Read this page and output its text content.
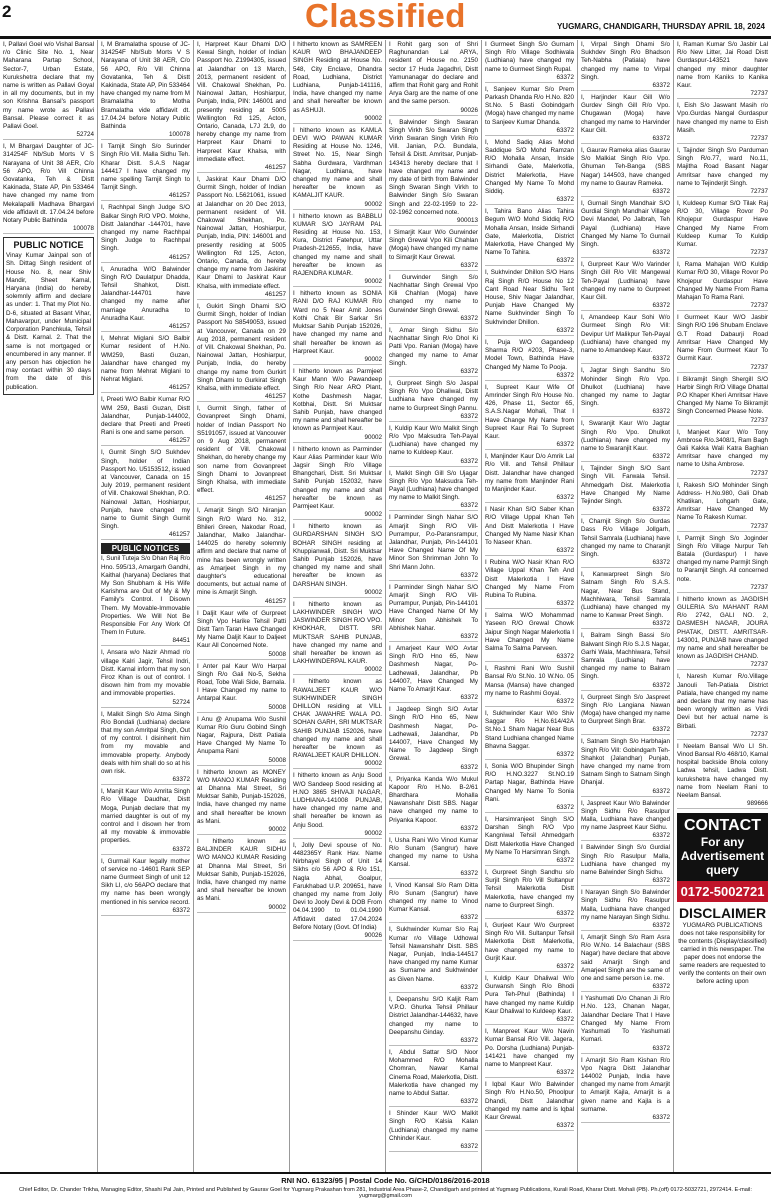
2	Classified	YUGMARG, CHANDIGARH, THURSDAY APRIL 18, 2024

I, Pallavi Goel w/o Vishal Bansal r/o Clinic Site No. 1, Near Maharana Partap School, Sector-7, Urban Estate, Kurukshetra declare that my name is written as Pallavi Goyal in all my documents, but in my son Krishna Bansal's passport my name wrote as Pallavi Bansal. Please correct it as Pallavi Goel.

52724

I, M Bhargavi Daughter of JC-314254F Nb/Sub Morts V S Narayana of Unit 38 AER, C/o 56 APO, R/o Vill Chinna Govatanka, Teh & Distt Kakinada, State AP, Pin 533464 have changed my name from Mekalapalli Madhava Bhargavi vide affidavit dt. 17.04.24 before Notary Public Bathinda

100078

PUBLIC NOTICE

Vinay Kumar Jainpal son of Sh. Dittag Singh resident of House No. 8, near Shiv Mandir, Sheet Kamal, Haryana (India) do hereby solemnly affirm and declare as under: 1. That my Plot No. D-6, situated at Basant Vihar, Mahavarpur, under Municipal Corporation Panchkula, Tehsil & Distt. Karnal. 2. That the same is not mortgaged or encumbered in any manner. If any person has objection he may contact within 30 days from the date of this publication.

I, M Bramalatha spouse of JC-314254F Nb/Sub Morts V S Narayana of Unit 38 AER, C/o 56 APO, R/o Vill Chinna Govatanka, Teh & Distt Kakinada, State AP, Pin 533464 have changed my name from M Bramalatha to Motha Bramalatha vide affidavit dt. 17.04.24 before Notary Public Bathinda

100078

I Tarnjit Singh S/o Surinder Singh R/o Vill. Malla Sidhu Teh. Kharar Distt. S.A.S Nagar 144417 I have changed my name spelling Tarnjit Singh to Tarnjit Singh.

461257

I, Rachhpal Singh Judge S/O Balkar Singh R/O VPO. Mokhe, Distt Jalandhar -144701, have changed my name Rachhpal Singh Judge to Rachhpal Singh.

461257

I, Anuradha W/O Balwinder Singh R/O Daulatpur Dhadda, Tehsil Shahkot, Distt. Jalandhar-144701 have changed my name after marriage Anuradha to Anuradha Kaur.

461257

I, Mehrat Miglani S/O Balbir Kumar resident of H.No. WM259, Basti Guzan, Jalandhar have changed my name from Mehrat Miglani to Nehrat Miglani.

461257

I, Preeti W/O Balbir Kumar R/O WM 259, Basti Guzan, Distt Jalandhar, Punjab-144002, declare that Preeti and Preeti Rani is one and same person.

461257

I, Gurnit Singh S/O Sukhdev Singh, holder of Indian Passport No. U5153512, issued at Vancouver, Canada on 15 July 2019, permanent resident of Vill. Chakowal Shekhan, P.O. Nainowal Jattan, Hoshiarpur, Punjab, have changed my name to Gurnit Singh Gurnit Singh.

461257

PUBLIC NOTICES

I, Sunil Tuteja S/o Dhan Raj R/o Hno. 595/13, Amargarh Gandhi, Kaithal (haryana) Declares that My Son Shubham & His Wife Karishma are Out of My & My Family's Control. I Disown Them. My Movable-Immovable Properties. We Will Not Be Responsible For Any Work Of Them In Future.

84451

I, Ansara w/o Nazir Ahmad r/o village Kalri Jagir, Tehsil Indri, Distt. Karnal inform that my son Firoz Khan is out of control. I disown him from my movable and immovable properties.

52724

I, Malkit Singh S/o Atma Singh R/o Bondali (Ludhiana) declare that my son Amritpal Singh, Out of my control. I disinherit him from my movable and immovable property. Anybody deals with him shall do so at his own risk.

63372

I, Manjit Kaur W/o Amrita Singh R/o Village Daudhar, Distt Moga, Punjab declare that my married daughter is out of my control and I disown her from all my movable & immovable properties.

63372

I, Gurmail Kaur legally mother of service no -14601 Rank SEP name Gurmeet Singh of unit 12 Sikh LI, c/o 56APO declare that my name has been wrongly mentioned in his service record.

63372

I, Harpreet Kaur Dhami D/O Kewal Singh, holder of Indian Passport No. Z1994305, issued at Jalandhar on 13 March, 2013, permanent resident of Vill. Chakowal Shekhan, Po. Nainowal Jattan, Hoshiarpur, Punjab, India, PIN: 146001 and presently residing at 5005 Wellington Rd 125, Acton, Ontario, Canada, L7J 2L9, do hereby change my name from Harpreet Kaur Dhami to Harpreet Kaur Khalsa, with immediate effect.

461257

I, Jaskirat Kaur Dhami D/O Gurmit Singh, holder of Indian Passport No. L5621061, issued at Jalandhar on 20 Dec 2013, permanent resident of Vill. Chakowal Shekhan, Po. Nainowal Jattan, Hoshiarpur, Punjab, India, PIN: 146001 and presently residing at 5005 Wellington Rd 125, Acton, Ontario, Canada, do hereby change my name from Jaskirat Kaur Dhami to Jaskirat Kaur Khalsa, with immediate effect.

461257

I, Gukirt Singh Dhami S/O Gurmit Singh, holder of Indian Passport No S8549053, issued at Vancouver, Canada on 29 Aug 2018, permanent resident of Vill. Chakowal Shekhan, Po. Nainowal Jattan, Hoshiarpur, Punjab, India, do hereby change my name from Gurkirt Singh Dhami to Gurkirat Singh Khalsa, with immediate effect.

461257

I, Gurmit Singh, father of Govanpreet Singh Dhami, holder of Indian Passport No S5191057, issued at Vancouver on 9 Aug 2018, permanent resident of Vill. Chakowal Shekhan, do hereby change my son name from Govanpreet Singh Dhami to Jovanpreet Singh Khalsa, with immediate effect.

461257

I, Amarjit Singh S/O Niranjan Singh R/O Ward No. 312, Bhileri Green, Nakodar Road, Jalandhar, Malko Jalandhar-144025 do hereby solemnly affirm and declare that name of mine has been wrongly written as Amarjeet Singh in my daughter's educational documents, but actual name of mine is Amarjit Singh.

461257

I Daljit Kaur wife of Gurpreet Singh Vpo Harike Tehsil Patti Distt Tarn Taran Have Changed My Name Daljit Kaur to Daljeet Kaur All Concerned Note.

50008

I Anter pal Kaur W/o Harpal Singh R/o Gali No-5, Sekha Road, Tobe Wali Side, Barnala. I Have Changed my name to Antarpal Kaur.

50008

I Anu @ Anupama W/o Sushil Kumar R/o Guru Gobind Singh Nagar, Rajpura, Distt Patiala Have Changed My Name To Anupama Rani

50008

I hitherto known as MONEY W/O MANOJ KUMAR Residing at Dhanna Mal Street, Sri Muktsar Sahib, Punjab-152026, India, have changed my name and shall hereafter be known as Mani.

90002

I hitherto known as BALJINDER KAUR SIDHU W/O MANOJ KUMAR Residing at Dhanna Mal Street, Sri Muktsar Sahib, Punjab-152026, India, have changed my name and shall hereafter be known as Mani.

90002

I hitherto known as SAMREEN KAUR W/O BHAJANDEEP SINGH Residing at House No. 548, City Enclave, Dhandra Road, Ludhiana, District Ludhiana, Punjab-141116, India, have changed my name and shall hereafter be known as ASHUJI.

90002

I hitherto known as KAMLA DEVI W/O PAWAN KUMAR Residing at House No. 1246, Street No. 15, Near Singh Sabha Gurdwara, Vardhman Nagar, Ludhiana, have changed my name and shall hereafter be known as KAMALJIT KAUR.

90002

I hitherto known as BABBLU KUMAR S/O JAYRAM PAL Residing at House No. 153, Kura, District Fatehpur, Uttar Pradesh-212655, India, have changed my name and shall hereafter be known as RAJENDRA KUMAR.

90002

I hitherto known as SONIA RANI D/O RAJ KUMAR R/o Ward no 5 Near Amit Jones Kothi Chak Bir Sarkar Sri Muktsar Sahib Punjab 152026, have changed my name and shall hereafter be known as Harpreet Kaur.

90002

I hitherto known as Parmjeet Kaur Mann W/o Pawandeep Singh R/o Near ARO Plant, Kothe Dashmesh Nagar, Kotbhai, Distt. Sri Muktsar Sahib Punjab, have changed my name and shall hereafter be known as Parmjeet Kaur.

90002

I hitherto known as Parminder Kaur Alias Parminder kaur W/o Jagsir Singh R/o Village Bhangchari, Distt. Sri Muktsar Sahib Punjab 152032, have changed my name and shall hereafter be known as Parmjeet Kaur.

90002

I hitherto known as GURDARSHAN SINGH S/O BOHAR SINGH residing at Khuppianwali, Distt. Sri Muktsar Sahib Punjab 152026, have changed my name and shall hereafter be known as DARSHAN SINGH.

90002

I hitherto known as LAKHWINDER SINGH W/O JASWINDER SINGH R/O VPO. KHOKHAR, DISTT. SRI MUKTSAR SAHIB PUNJAB, have changed my name and shall hereafter be known as LAKHWINDERPAL KAUR.

90002

I hitherto known as RAWALJEET KAUR W/O SUKHWINDER SINGH DHILLON residing at VILL CHAK JAWAHRE WALA PO. SOHAN GARH, SRI MUKTSAR SAHIB PUNJAB 152026, have changed my name and shall hereafter be known as RAWALJEET KAUR DHILLON.

90002

I hitherto known as Anju Sood W/O Sandeep Sood residing at H.NO 3865 SHIVAJI NAGAR, LUDHIANA-141008 PUNJAB, have changed my name and shall hereafter be known as Anju Sood.

90002

I, Jolly Devi spouse of No. 4482365Y Rank Hav. Name Nirbhayel Singh of Unit 14 Sikhs c/o 56 APO & R/o 151, Nagla Abhal, Goalpur, Farukhabad U.P. 209651, have changed my name from Jolly Devi to Jooly Devi & DOB From 04.04.1990 to 01.04.1990 Affidavit dated 17.04.2024 Before Notary (Govt. Of India)

90026

I Rohit garg son of Shri Raghunandan Lal ARYA, resident of House no. 2150 sector 17 Huda Jagadhri, Distt Yamunanagar do declare and affirm that Rohit garg and Rohit Arya Garg are the name of one and the same person.

90026

I, Balwinder Singh Swaran Singh Virkh S/o Swaran Singh Virkh Swaran Singh Virkh R/o Vill. Janian, P.O. Bundala, Tehsil & Distt. Amritsar, Punjab-143413 hereby declare that I have changed my name and my date of birth from Balwinder Singh Swaran Singh Virkh to Balwinder Singh S/o Swaran Singh and 22-02-1959 to 22-02-1962 concerned note.

900013

I Simarjit Kaur W/o Gurwinder Singh Grewal Vpo Kili Chahlan (Moga) have changed my name to Simarjit Kaur Grewal.

63372

I Gurwinder Singh S/o Nachhattar Singh Grewal Vpo Kili Chahlan (Moga) have changed my name to Gurwinder Singh Grewal.

63372

I, Amar Singh Sidhu S/o Nachhattar Singh R/o Dhol Ki Patti Vpo. Ranian (Moga) have changed my name to Amar Singh.

63372

I, Gurpreet Singh S/o Jaspal Singh R/o Vpo Dhaliwal, Distt Ludhiana have changed my name to Gurpreet Singh Pannu.

63372

I, Kuldip Kaur W/o Malkit Singh R/o Vpo Maksudra Teh-Payal (Ludhiana) have changed my name to Kuldeep Kaur.

63372

I, Malkit Singh Gill S/o Ujagar Singh R/o Vpo Maksudra Teh-Payal (Ludhiana) have changed my name to Malkit Singh.

63372

I Parminder Singh Nahar S/O Amarjit Singh R/O Vill-Purrampur, P.o-Paransrampur, Jalandhar, Punjab, Pin-144101 Have Changed Name Of My Minor Son Shrimman John To Shri Mann John.

63372

I Parminder Singh Nahar S/O Amarjit Singh R/O Vill-Purrampur, Punjab, Pin-144101 Have Changed Name Of My Minor Son Abhishek To Abhishek Nahar.

63372

I Amarjeet Kaur W/O Avtar Singh R/O Hno 65, New Dashmesh Nagar, Po-Ladhewali, Jalandhar, Pb 144007, Have Changed My Name To Amarjit Kaur.

63372

I Jagdeep Singh S/O Avtar Singh R/O Hno 65, New Dashmesh Nagar, Po-Ladhewali, Jalandhar, Pb 144007, Have Changed My Name To Jagdeep Singh Grewal.

63372

I, Priyanka Kanda W/o Mukul Kapoor R/o H.No. B-2/61 Bhardhara Mohalla Nawanshahr Distt SBS. Nagar have changed my name to Priyanka Kapoor.

63372

I, Usha Rani W/o Vinod Kumar R/o Sunam (Sangrur) have changed my name to Usha Kansal.

63372

I, Vinod Kansal S/o Ram Ditta R/o Sunam (Sangrur) have changed my name to Vinod Kumar Kansal.

63372

I, Sukhwinder Kumar S/o Raj Kumar r/o Village Udhowal Tehsil Nawanshahr Distt. SBS Nagar, Punjab, India-144517 have changed my name Kumar as Surname and Sukhwinder as Given Name.

63372

I, Deepanshu S/O Kaljit Ram V.P.O. Ghurka Tehsil Phillaur District Jalandhar-144632, have changed my name to Deepanshu Ginday.

63372

I, Abdul Sattar S/O Noor Mohammed R/O Mohalla Chomran, Nawar Kamal Cinema Road, Malerkotla, Distt. Malerkotla have changed my name to Abdul Sattar.

63372

I Shinder Kaur W/O Malkit Singh R/O Kalsia Kalan (Ludhiana) changed my name Chhinder Kaur.

63372

I Gurmeet Singh S/o Gurnam Singh R/o Village Sodhiwala (Ludhiana) have changed my name to Gurmeet Singh Rupal.

63372

I, Sanjeev Kumar S/o Prem Parkash Dhanda R/o H.No. 820 St.No. 5 Basti Gobindgarh (Moga) have changed my name to Sanjeev Kumar Dhanda.

63372

I, Mohd Sadiq Alias Mohd Saddique S/O Mohd Ramzan R/O Mohalla Ansan, Inside Sirhandi Gate, Malerkotla, District Malerkotla, Have Changed My Name To Mohd Siddiq.

63372

I, Tahira Bano Alias Tahira Begum W/O Mohd Siddiq R/O Mohalla Ansan, Inside Sirhandi Gate, Malerkotla, District Malerkotla, Have Changed My Name To Tahira.

63372

I, Sukhvinder Dhillon S/O Hans Raj Singh R/O House No 12 Cant Road Near Sidhu Tent House, Shiv Nagar Jalandhar, Punjab Have Changed My Name Sukhvinder Singh To Sukhvinder Dhillon.

63372

I, Puja W/O Gagandeep Sharma R/O #203, Phase-3, Model Town, Bathinda Have Changed My Name To Pooja.

63372

I, Supreet Kaur Wife Of Amrinder Singh R/o House No. 426, Phase 11, Sector 65, S.A.S.Nagar Mohali, That I Have Change My Name from Supreet Kaur Rai To Supreet Kaur.

63372

I, Manjinder Kaur D/o Amrik Lal R/o Vill. and Tehsil Phillaur Distt. Jalandhar have changed my name from Manjinder Rani to Manjinder Kaur.

63372

I Nasir Khan S/O Saber Khan R/O Village Uppal Khan Teh And Distt Malerkotla I Have Changed My Name Nasir Khan To Naseer Khan.

63372

I Rubina W/O Nasir Khan R/O Village Uppal Khan Teh And Distt Malerkotla I Have Changed My Name From Rubina To Rubina.

63372

I Salma W/O Mohammad Yaseen R/O Grewal Chowk Jaipur Singh Nagar Malerkotla I Have Changed My Name Salma To Salma Parveen.

63372

I, Rashmi Rani W/o Sushil Bansal R/o St.No. 10 W.No. 05 Mansa (Mansa) have changed my name to Rashmi Goyal.

63372

I, Sukhwinder Kaur W/o Shiv Saggar R/o H.No.614/42A St.No.1 Sham Nagar Near Bus Stand Ludhiana changed Name Bhavna Saggar.

63372

I, Sonia W/O Bhupinder Singh R/O H.NO.3227 St.NO.19 Partap Nagar, Bathinda Have Changed My Name To Sonia Rani.

63372

I, Harsimranjeet Singh S/O Darshan Singh R/O Vpo Kangniwal Tehsil Ahmedgarh Distt Malerkotla Have Changed My Name To Harsimran Singh.

63372

I, Gurpreet Singh Sandhu s/o Surjit Singh R/o Vill Sultanpur Tehsil Malerkotla Distt Malerkotla, have changed my name to Gurpreet Singh.

63372

I, Gurjeet Kaur W/o Gurpreet Singh R/o Vill. Sultanpur Tehsil Malerkotla Distt Malerkotla, have changed my name to Gurjit Kaur.

63372

I, Kuldip Kaur Dhaliwal W/o Gurwansh Singh R/o Bhodi Pura Teh-Phul (Bathinda) I have changed my name Kuldip Kaur Dhaliwal to Kuldeep Kaur.

63372

I, Manpreet Kaur W/o Navin Kumar Bansal R/o Vill. Jagera, Po. Dorsha (Ludhiana) Punjab-141421 have changed my name to Manpreet Kaur.

63372

I Iqbal Kaur W/o Balwinder Singh R/o H.No.50, Phoolpur Dhandi, Distt Jalandhar changed my name and is Iqbal Kaur Grewal.

63372

I, Virpal Singh Dhami S/o Sukhdev Singh R/o Bhadson Teh-Nabha (Patiala) have changed my name to Virpal Singh.

63372

I, Harjinder Kaur Gill W/o Gurdev Singh Gill R/o Vpo. Chugawan (Moga) have changed my name to Harvinder Kaur Gill.

63372

I, Gaurav Rameka alias Gaurav S/o Malkiat Singh R/o Vpo. Ghuman Teh-Banga (SBS Nagar) 144503, have changed my name to Gaurav Rameka.

63372

I, Gurnail Singh Mandhair S/O Gurdial Singh Mandhair Village Devi Mandel, Po Jalbrah, Teh Payal (Ludhiana) Have Changed My Name To Gurnail Singh.

63372

I, Gurpreet Kaur W/o Varinder Singh Gill R/o Vill: Mangewal Teh-Payal (Ludhiana) have changed my name to Gurpreet Kaur Gill.

63372

I, Amandeep Kaur Sohi W/o Gurmeet Singh R/o Vill: Devipur Urf Malikpur Teh-Payal (Ludhiana) have changed my name to Amandeep Kaur.

63372

I, Jagtar Singh Sandhu S/o Mohinder Singh R/o Vpo. Dhulkot (Ludhiana) have changed my name to Jagtar Singh.

63372

I, Swaranjit Kaur W/o Jagtar Singh R/o Vpo. Dhulkot (Ludhiana) have changed my name to Swaranjit Kaur.

63372

I, Tajinder Singh S/O Sant Singh Vill. Farwala Tehsil. Ahmedgarh Dist. Malerkotla Have Changed My Name Tejinder Singh.

63372

I, Charnjit Singh S/o Gurdas Dass R/o Village Jollgarh, Tehsil Samrala (Ludhiana) have changed my name to Charanjit Singh.

63372

I, Kanwarpreet Singh S/o Satnam Singh R/o S.A.S. Nagar, Near Bus Stand, Machhiwara, Tehsil Samrala (Ludhiana) have changed my name to Kanwar Preet Singh.

63372

I, Balram Singh Bassi S/o Balwant Singh R/o S.J.S Nagar, Garhi Wala, Machhiwara, Tehsil Samrala (Ludhiana) have changed my name to Balram Singh.

63372

I, Gurpreet Singh S/o Jaspreet Singh R/o Langiana Nawan (Moga) have changed my name to Gurpreet Singh Brar.

63372

I, Satnam Singh S/o Harbhajan Singh R/o Vill: Gobindgarh Teh-Shahkot (Jalandhar) Punjab, have changed my name from Satnam Singh to Satnam Singh Dhanjal.

63372

I, Jaspreet Kaur W/o Balwinder Singh Sidhu R/o Rasulpur Malla, Ludhiana have changed my name Jaspreet Kaur Sidhu.

63372

I Balwinder Singh S/o Gurdial Singh R/o Rasulpur Malla, Ludhiana have changed my name Balwinder Singh Sidhu.

63372

I Narayan Singh S/o Balwinder Singh Sidhu R/o Rasulpur Malla, Ludhiana have changed my name Narayan Singh Sidhu.

63372

I, Amarjit Singh S/o Ram Asra R/o W.No. 14 Balachaur (SBS Nagar) have declare that above said Amarjit Singh and Amarjeet Singh are the same of one and same person i.e. me.

63372

I Yashumati D/o Chanan Ji R/o H.No. 123, Chanan Nagar, Jalandhar Declare That I Have Changed My Name From Yashumati To Yashumati Kumari.

63372

I Amarjit S/o Ram Kishan R/o Vpo Nagra Distt Jalandhar 144002 Punjab, India have changed my name from Amarjit to Amarjit Kajla, Amarjit is a given name and Kajla is a surname.

63372

I, Raman Kumar S/o Jasbir Lal R/o New Litter, Jai Road Distt Gurdaspur-143521 have changed my minor daughter name from Kaniks to Kanika Kaur.

72737

I, Eish S/o Jaswant Masih r/o Vpo.Gurdas Nangal Gurdaspur have changed my name to Eish Masih.

72737

I, Tajinder Singh S/o Parduman Singh R/o.77, ward No.11, Majitha Road Basant Nagar Amritsar have changed my name to Tejinderjit Singh.

72737

I, Kuldeep Kumar S/O Tilak Raj R/O 30, Village Rovor Po Khojepur Gurdaspur Have Changed My Name From Kuldeep Kumar To Kuldip Kumar.

72737

I, Rama Mahajan W/O Kuldip Kumar R/O 30, Village Rovor Po Khojepur Gurdaspur Have Changed My Name From Rama Mahajan To Rama Rani.

72737

I Gurmeet Kaur W/O Jasbir Singh R/O 196 Shubam Enclave G.T Road Dabaurji Road Amritsar Have Changed My Name From Gurmeet Kaur To Gurmit Kaur.

72737

I Bikramjit Singh Shergill S/O Harbir Singh R/O Village Dhattal P.O Khaper Kheri Amritsar Have Changed My Name To Bikramjit Singh Concerned Please Note.

72737

I, Manjeet Kaur W/o Tony Ambrose R/o.3408/1, Ram Bagh Gali Kakka Wali Katra Baghian Amritsar have changed my name to Usha Ambrose.

72737

I, Rakesh S/O Mohinder Singh Address- H.No.980, Gali Dhab Khatikan, Lohgarh Gate, Amritsar Have Changed My Name To Rakesh Kumar.

72737

I, Parmjit Singh S/o Joginder Singh R/o Village Nurpur Teh Batala (Gurdaspur) I have changed my name Parmjit Singh to Paramjit Singh. All concerned note.

72737

I hitherto known as JAGDISH GULERIA S/o MAHANT RAM R/o 2742, GALI NO. 2, DASMESH NAGAR, JOURA PHATAK, DISTT. AMRITSAR-143001, PUNJAB have changed my name and shall hereafter be known as JAGDISH CHAND.

72737

I, Naresh Kumar R/o.Village Janouli Teh-Patiala District Patiala, have changed my name and declare that my name has been wrongly written as Virdi Devi but her actual name is Birbati.

72737

I Neelam Bansal W/o LI Sh. Vinod Bansal R/o 468/10, Kamal hospital backside Bhola colony Ladwa tehsil, Ladwa Distt. kurukshetra have changed my name from Neelam Rani to Neelam Bansal.

989666

CONTACT
For any Advertisement query
0172-5002721
DISCLAIMER
YUGMARG PUBLICATIONS does not take responsibility for the contents (Display/classified) carried in this newspaper. The paper does not endorse the same readers are requested to verify the contents on their own before acting upon
RNI NO. 61323/95 | Postal Code No. G/CHD/0186/2016-2018
Chief Editor, Dr. Chander Trikha, Managing Editor, Shashi Pal Jain, Printed and Published by Gaurav Goel for Yugmarg Prakashan from 281, Industrial Area Phase-2, Chandigarh and printed at Yugmarg Publications, Kurali Road, Kharar Distt. Mohali (PB). Ph.(off) 0172-5032721, 2972414. E-mail: yugmarg@gmail.com
